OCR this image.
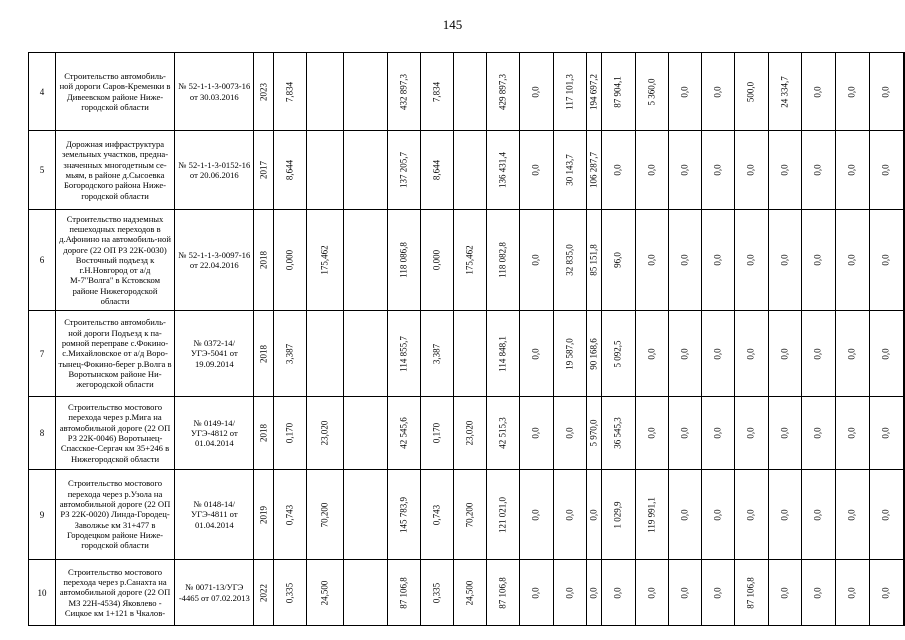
145
4	Строительство автомобиль-ной дороги Саров-Кременки в Дивеевском районе Ниже-городской области	№ 52-1-1-3-0073-16 от 30.03.2016	2023	7,834			432 897,3	7,834		429 897,3	0,0	117 101,3	194 697,2	87 904,1	5 360,0	0,0	0,0	500,0	24 334,7	0,0	0,0	0,0

5	Дорожная инфраструктура земельных участков, предна-значенных многодетным се-мьям, в районе д.Сысоевка Богородского района Ниже-городской области	№ 52-1-1-3-0152-16 от 20.06.2016	2017	8,644			137 205,7	8,644		136 431,4	0,0	30 143,7	106 287,7	0,0	0,0	0,0	0,0	0,0	0,0	0,0	0,0	0,0

6	Строительство надземных пешеходных переходов в д.Афонино на автомобиль-ной дороге (22 ОП РЗ 22К-0030) Восточный подъезд к г.Н.Новгород от а/д М-7"Волга" в Кстовском районе Нижегородской области	№ 52-1-1-3-0097-16 от 22.04.2016	2018	0,000	175,462		118 086,8	0,000	175,462	118 082,8	0,0	32 835,0	85 151,8	96,0	0,0	0,0	0,0	0,0	0,0	0,0	0,0	0,0

7	Строительство автомобиль-ной дороги Подъезд к па-ромной переправе с.Фокино-с.Михайловское от а/д Воро-тынец-Фокино-берег р.Волга в Воротынском районе Ни-жегородской области	№ 0372-14/УГЭ-5041 от 19.09.2014	2018	3,387			114 855,7	3,387		114 848,1	0,0	19 587,0	90 168,6	5 092,5	0,0	0,0	0,0	0,0	0,0	0,0	0,0	0,0

8	Строительство мостового перехода через р.Мига на автомобильной дороге (22 ОП РЗ 22К-0046) Воротынец-Спасское-Сергач км 35+246 в Нижегородской области	№ 0149-14/УГЭ-4812 от 01.04.2014	2018	0,170	23,020		42 545,6	0,170	23,020	42 515,3	0,0	0,0	5 970,0	36 545,3	0,0	0,0	0,0	0,0	0,0	0,0	0,0	0,0

9	Строительство мостового перехода через р.Узола на автомобильной дороге (22 ОП РЗ 22К-0020) Линда-Городец-Заволжье км 31+477 в Городецком районе Ниже-городской области	№ 0148-14/УГЭ-4811 от 01.04.2014	2019	0,743	70,200		145 783,9	0,743	70,200	121 021,0	0,0	0,0	0,0	1 029,9	119 991,1	0,0	0,0	0,0	0,0	0,0	0,0	0,0

10	Строительство мостового перехода через р.Санахта на автомобильной дороге (22 ОП МЗ 22Н-4534) Яковлево - Сицкое км 1+121 в Чкалов-	№ 0071-13/УГЭ -4465 от 07.02.2013	2022	0,335	24,500		87 106,8	0,335	24,500	87 106,8	0,0	0,0	0,0	0,0	0,0	0,0	0,0	87 106,8	0,0	0,0	0,0	0,0
